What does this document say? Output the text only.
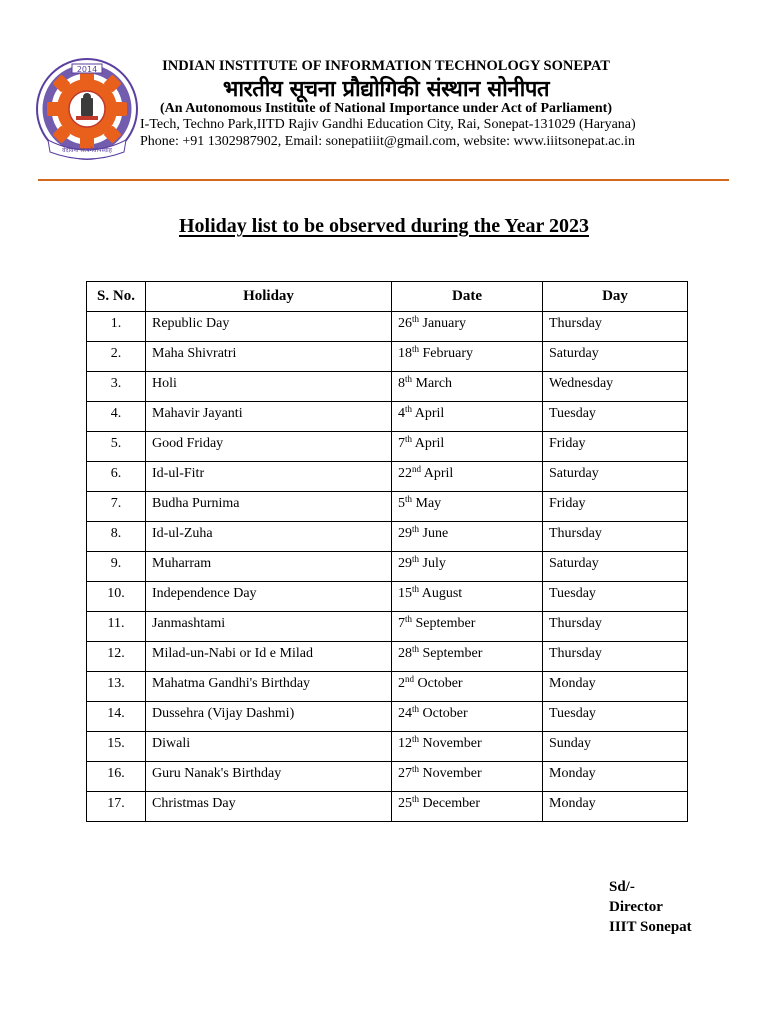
2014
वेदविना सत्यमेवोपस्वाह
INDIAN INSTITUTE OF INFORMATION TECHNOLOGY SONEPAT
भारतीय सूचना प्रौद्योगिकी संस्थान सोनीपत
(An Autonomous Institute of National Importance under Act of Parliament)
I-Tech, Techno Park,IITD Rajiv Gandhi Education City, Rai, Sonepat-131029 (Haryana)
Phone: +91 1302987902, Email: sonepatiiit@gmail.com, website: www.iiitsonepat.ac.in
Holiday list to be observed during the Year 2023
S. No.	Holiday	Date	Day
1.	Republic Day	26th January	Thursday
2.	Maha Shivratri	18th February	Saturday
3.	Holi	8th March	Wednesday
4.	Mahavir Jayanti	4th April	Tuesday
5.	Good Friday	7th April	Friday
6.	Id-ul-Fitr	22nd April	Saturday
7.	Budha Purnima	5th May	Friday
8.	Id-ul-Zuha	29th June	Thursday
9.	Muharram	29th July	Saturday
10.	Independence Day	15th August	Tuesday
11.	Janmashtami	7th September	Thursday
12.	Milad-un-Nabi or Id e Milad	28th September	Thursday
13.	Mahatma Gandhi's Birthday	2nd October	Monday
14.	Dussehra (Vijay Dashmi)	24th October	Tuesday
15.	Diwali	12th November	Sunday
16.	Guru Nanak's Birthday	27th November	Monday
17.	Christmas Day	25th December	Monday
Sd/-
Director
IIIT Sonepat
